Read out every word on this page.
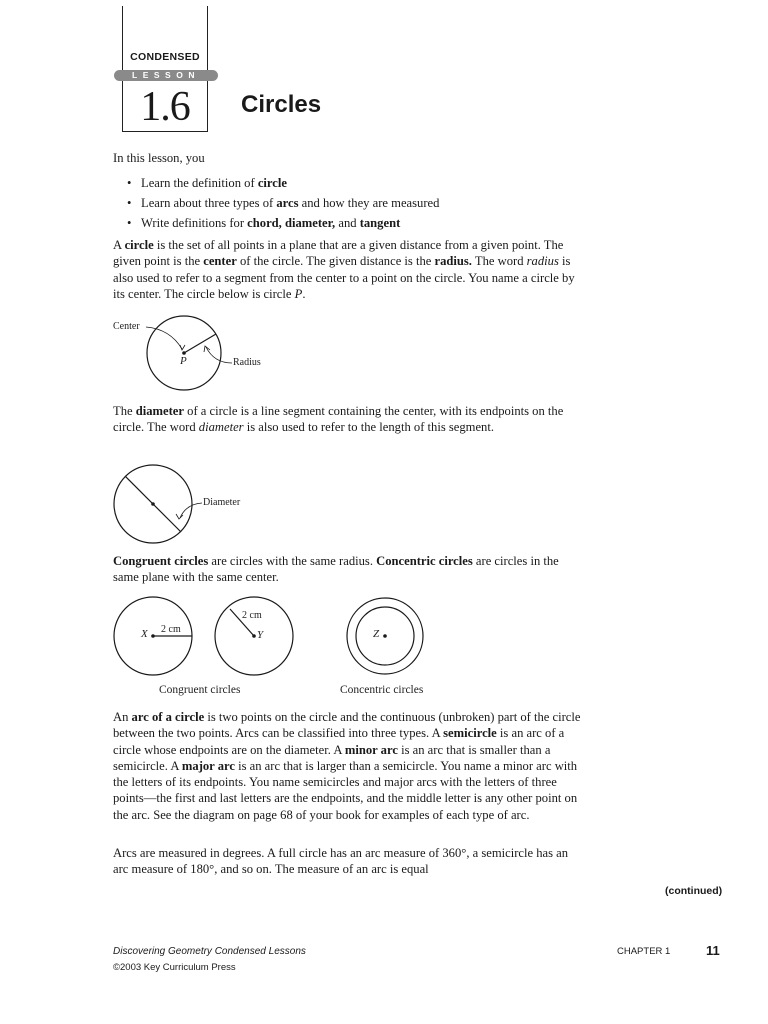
CONDENSED
LESSON
1.6	Circles
In this lesson, you
• Learn the definition of circle
• Learn about three types of arcs and how they are measured
• Write definitions for chord, diameter, and tangent
A circle is the set of all points in a plane that are a given distance from a given point. The given point is the center of the circle. The given distance is the radius. The word radius is also used to refer to a segment from the center to a point on the circle. You name a circle by its center. The circle below is circle P.
Center
P	Radius
The diameter of a circle is a line segment containing the center, with its endpoints on the circle. The word diameter is also used to refer to the length of this segment.
Diameter
Congruent circles are circles with the same radius. Concentric circles are circles in the same plane with the same center.
X 2 cm	Y
2 cm
Z
Congruent circles	Concentric circles
An arc of a circle is two points on the circle and the continuous (unbroken) part of the circle between the two points. Arcs can be classified into three types. A semicircle is an arc of a circle whose endpoints are on the diameter. A minor arc is an arc that is smaller than a semicircle. A major arc is an arc that is larger than a semicircle. You name a minor arc with the letters of its endpoints. You name semicircles and major arcs with the letters of three points—the first and last letters are the endpoints, and the middle letter is any other point on the arc. See the diagram on page 68 of your book for examples of each type of arc.
Arcs are measured in degrees. A full circle has an arc measure of 360°, a semicircle has an arc measure of 180°, and so on. The measure of an arc is equal
(continued)
Discovering Geometry Condensed Lessons
©2003 Key Curriculum Press
CHAPTER 1	11
